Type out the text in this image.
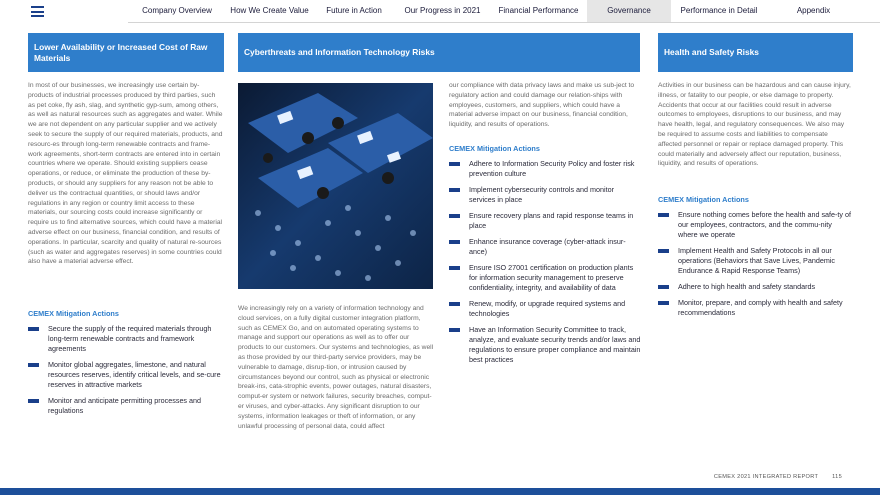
Company Overview	How We Create Value	Future in Action	Our Progress in 2021	Financial Performance	Governance	Performance in Detail	Appendix
Lower Availability or Increased Cost of Raw Materials
In most of our businesses, we increasingly use certain by-products of industrial processes produced by third parties, such as pet coke, fly ash, slag, and synthetic gyp-sum, among others, as well as natural resources such as aggregates and water. While we are not dependent on any particular supplier and we actively seek to secure the supply of our required materials, products, and resourc-es through long-term renewable contracts and frame-work agreements, short-term contracts are entered into in certain countries where we operate. Should existing suppliers cease operations, or reduce, or eliminate the production of these by-products, or should any suppliers for any reason not be able to deliver us the contractual quantities, or should laws and/or regulations in any region or country limit access to these materials, our sourcing costs could increase significantly or require us to find alternative sources, which could have a material adverse effect on our business, financial condition, and results of operations. In particular, scarcity and quality of natural re-sources (such as water and aggregates reserves) in some countries could also have a material adverse effect.
CEMEX Mitigation Actions
Secure the supply of the required materials through long-term renewable contracts and framework agreements
Monitor global aggregates, limestone, and natural resources reserves, identify critical levels, and se-cure reserves in attractive markets
Monitor and anticipate permitting processes and regulations
Cyberthreats and Information Technology Risks
We increasingly rely on a variety of information technology and cloud services, on a fully digital customer integration platform, such as CEMEX Go, and on automated operating systems to manage and support our operations as well as to offer our products to our customers. Our systems and technologies, as well as those provided by our third-party service providers, may be vulnerable to damage, disrup-tion, or intrusion caused by circumstances beyond our control, such as physical or electronic break-ins, cata-strophic events, power outages, natural disasters, comput-er system or network failures, security breaches, comput-er viruses, and cyber-attacks. Any significant disruption to our systems, information leakages or theft of information, or any unlawful processing of personal data, could affect
our compliance with data privacy laws and make us sub-ject to regulatory action and could damage our relation-ships with employees, customers, and suppliers, which could have a material adverse impact on our business, financial condition, liquidity, and results of operations.
CEMEX Mitigation Actions
Adhere to Information Security Policy and foster risk prevention culture
Implement cybersecurity controls and monitor services in place
Ensure recovery plans and rapid response teams in place
Enhance insurance coverage (cyber-attack insur-ance)
Ensure ISO 27001 certification on production plants for information security management to preserve confidentiality, integrity, and availability of data
Renew, modify, or upgrade required systems and technologies
Have an Information Security Committee to track, analyze, and evaluate security trends and/or laws and regulations to ensure proper compliance and maintain best practices
Health and Safety Risks
Activities in our business can be hazardous and can cause injury, illness, or fatality to our people, or else damage to property. Accidents that occur at our facilities could result in adverse outcomes to employees, disruptions to our business, and may have health, legal, and regulatory consequences. We also may be required to assume costs and liabilities to compensate affected personnel or repair or replace damaged property. This could materially and adversely affect our reputation, business, liquidity, and results of operations.
CEMEX Mitigation Actions
Ensure nothing comes before the health and safe-ty of our employees, contractors, and the commu-nity where we operate
Implement Health and Safety Protocols in all our operations (Behaviors that Save Lives, Pandemic Endurance & Rapid Response Teams)
Adhere to high health and safety standards
Monitor, prepare, and comply with health and safety recommendations
CEMEX 2021 INTEGRATED REPORT	115
